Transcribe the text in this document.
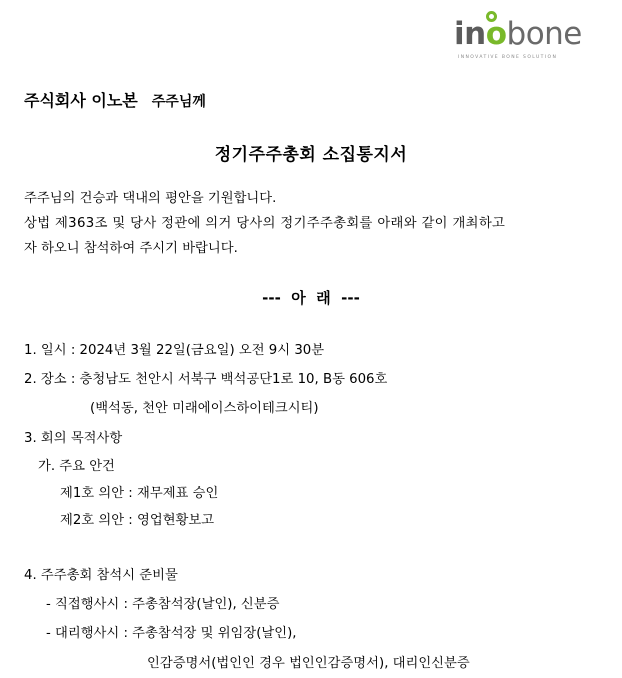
inobone
INNOVATIVE BONE SOLUTION
주식회사 이노본 주주님께
정기주주총회 소집통지서
주주님의 건승과 댁내의 평안을 기원합니다.
상법 제363조 및 당사 정관에 의거 당사의 정기주주총회를 아래와 같이 개최하고
자 하오니 참석하여 주시기 바랍니다.
---  아  래  ---
1. 일시 : 2024년 3월 22일(금요일) 오전 9시 30분
2. 장소 : 충청남도 천안시 서북구 백석공단1로 10, B동 606호
(백석동, 천안 미래에이스하이테크시티)
3. 회의 목적사항
가. 주요 안건
제1호 의안 : 재무제표 승인
제2호 의안 : 영업현황보고
4. 주주총회 참석시 준비물
- 직접행사시 : 주총참석장(날인), 신분증
- 대리행사시 : 주총참석장 및 위임장(날인),
인감증명서(법인인 경우 법인인감증명서), 대리인신분증
